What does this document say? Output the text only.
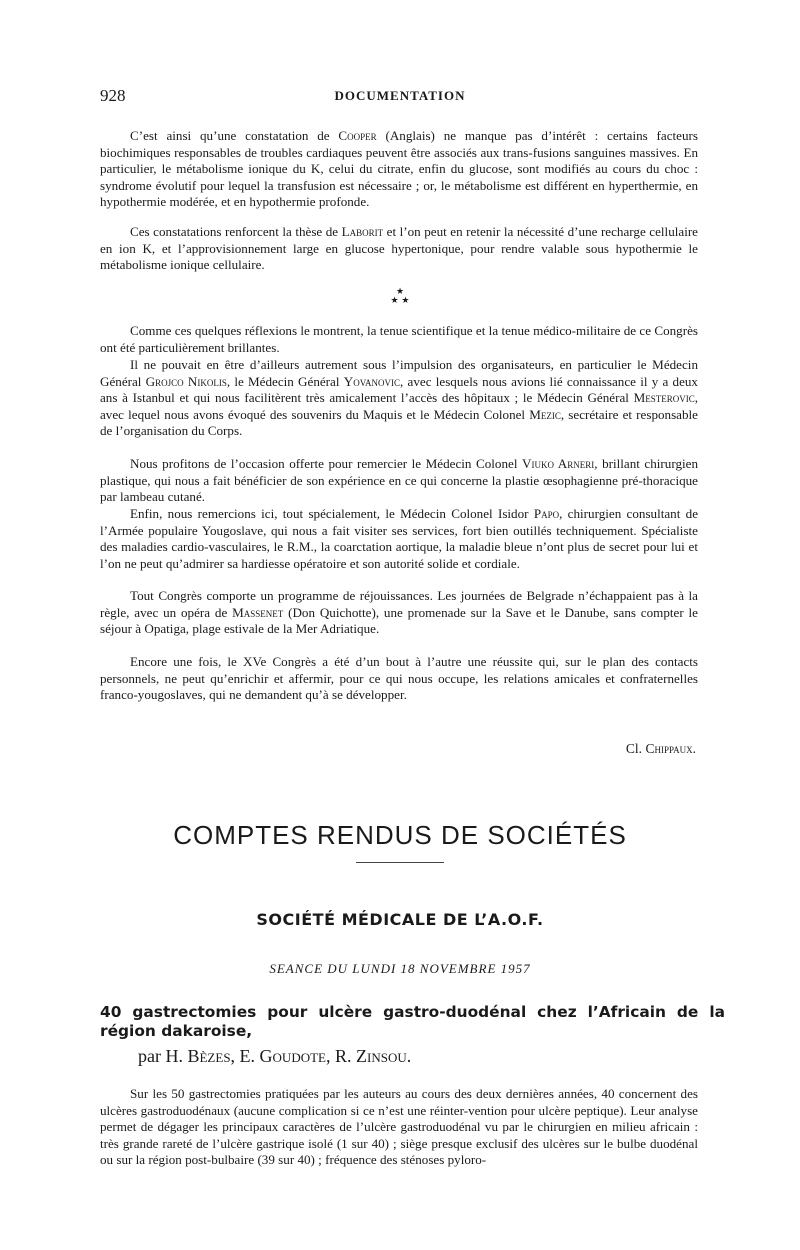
928	DOCUMENTATION

C’est ainsi qu’une constatation de Cooper (Anglais) ne manque pas d’intérêt : certains facteurs biochimiques responsables de troubles cardiaques peuvent être associés aux trans-fusions sanguines massives. En particulier, le métabolisme ionique du K, celui du citrate, enfin du glucose, sont modifiés au cours du choc : syndrome évolutif pour lequel la transfusion est nécessaire ; or, le métabolisme est différent en hyperthermie, en hypothermie modérée, et en hypothermie profonde.

Ces constatations renforcent la thèse de Laborit et l’on peut en retenir la nécessité d’une recharge cellulaire en ion K, et l’approvisionnement large en glucose hypertonique, pour rendre valable sous hypothermie le métabolisme ionique cellulaire.

★
★ ★

Comme ces quelques réflexions le montrent, la tenue scientifique et la tenue médico-militaire de ce Congrès ont été particulièrement brillantes.

Il ne pouvait en être d’ailleurs autrement sous l’impulsion des organisateurs, en particulier le Médecin Général Grojco Nikolis, le Médecin Général Yovanovic, avec lesquels nous avions lié connaissance il y a deux ans à Istanbul et qui nous facilitèrent très amicalement l’accès des hôpitaux ; le Médecin Général Mesterovic, avec lequel nous avons évoqué des souvenirs du Maquis et le Médecin Colonel Mezic, secrétaire et responsable de l’organisation du Corps.

Nous profitons de l’occasion offerte pour remercier le Médecin Colonel Viuko Arneri, brillant chirurgien plastique, qui nous a fait bénéficier de son expérience en ce qui concerne la plastie œsophagienne pré-thoracique par lambeau cutané.

Enfin, nous remercions ici, tout spécialement, le Médecin Colonel Isidor Papo, chirurgien consultant de l’Armée populaire Yougoslave, qui nous a fait visiter ses services, fort bien outillés techniquement. Spécialiste des maladies cardio-vasculaires, le R.M., la coarctation aortique, la maladie bleue n’ont plus de secret pour lui et l’on ne peut qu’admirer sa hardiesse opératoire et son autorité solide et cordiale.

Tout Congrès comporte un programme de réjouissances. Les journées de Belgrade n’échappaient pas à la règle, avec un opéra de Massenet (Don Quichotte), une promenade sur la Save et le Danube, sans compter le séjour à Opatiga, plage estivale de la Mer Adriatique.

Encore une fois, le XVe Congrès a été d’un bout à l’autre une réussite qui, sur le plan des contacts personnels, ne peut qu’enrichir et affermir, pour ce qui nous occupe, les relations amicales et confraternelles franco-yougoslaves, qui ne demandent qu’à se développer.

Cl. Chippaux.
COMPTES RENDUS DE SOCIÉTÉS
SOCIÉTÉ MÉDICALE DE L’A.O.F.
SEANCE DU LUNDI 18 NOVEMBRE 1957
40 gastrectomies pour ulcère gastro-duodénal chez l’Africain de la région dakaroise,
par H. Bèzes, E. Goudote, R. Zinsou.

Sur les 50 gastrectomies pratiquées par les auteurs au cours des deux dernières années, 40 concernent des ulcères gastroduodénaux (aucune complication si ce n’est une réinter-vention pour ulcère peptique). Leur analyse permet de dégager les principaux caractères de l’ulcère gastroduodénal vu par le chirurgien en milieu africain : très grande rareté de l’ulcère gastrique isolé (1 sur 40) ; siège presque exclusif des ulcères sur le bulbe duodénal ou sur la région post-bulbaire (39 sur 40) ; fréquence des sténoses pyloro-
